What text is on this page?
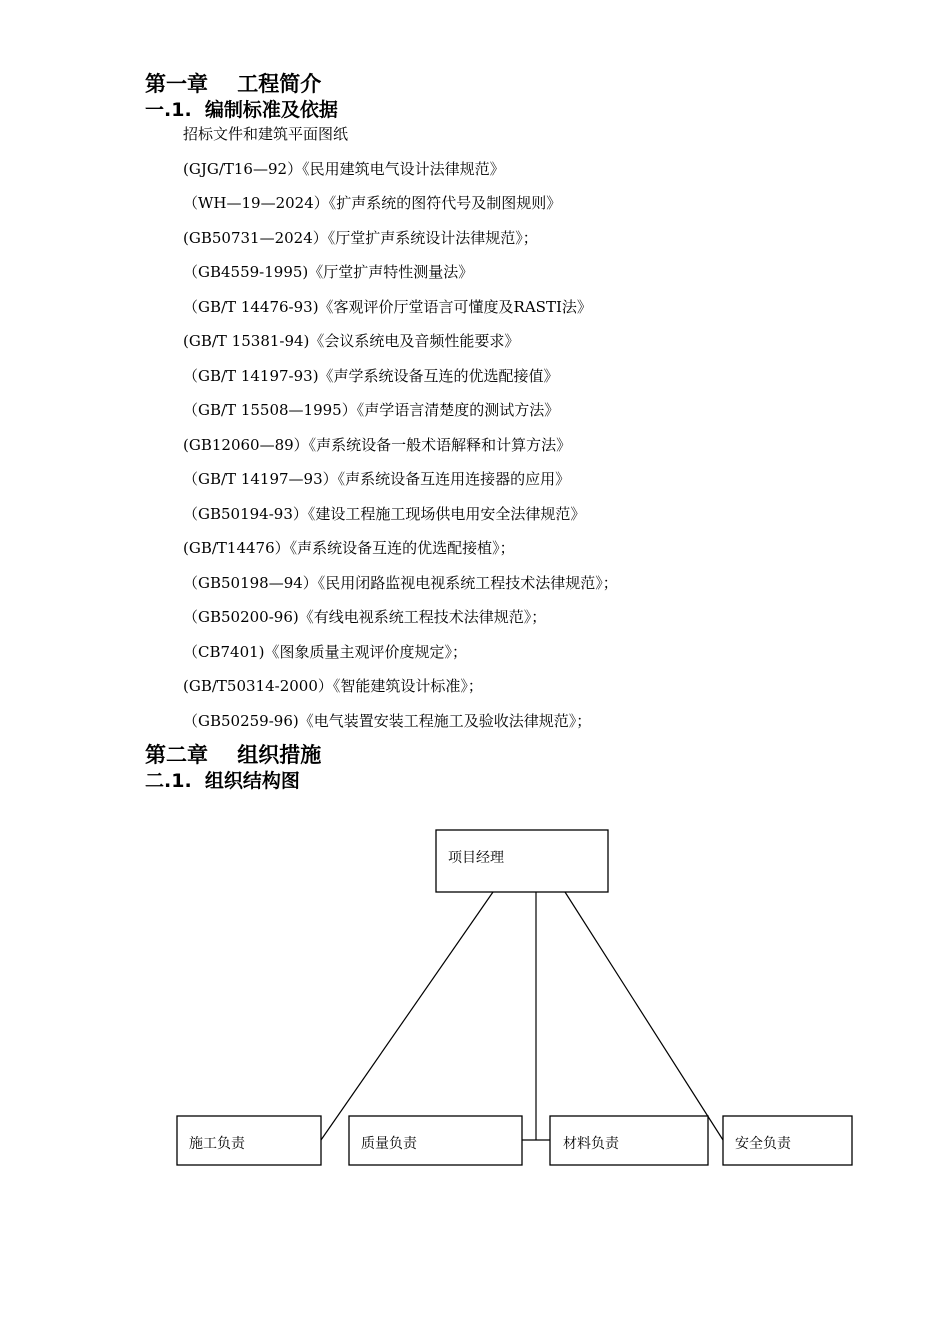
第一章    工程简介
一.1.  编制标准及依据
招标文件和建筑平面图纸
(GJG/T16—92）《民用建筑电气设计法律规范》
（WH—19—2024）《扩声系统的图符代号及制图规则》
(GB50731—2024）《厅堂扩声系统设计法律规范》；
（GB4559-1995)《厅堂扩声特性测量法》
（GB/T 14476-93)《客观评价厅堂语言可懂度及RASTI法》
(GB/T 15381-94)《会议系统电及音频性能要求》
（GB/T 14197-93)《声学系统设备互连的优选配接值》
（GB/T 15508—1995）《声学语言清楚度的测试方法》
(GB12060—89）《声系统设备一般术语解释和计算方法》
（GB/T 14197—93）《声系统设备互连用连接器的应用》
（GB50194-93）《建设工程施工现场供电用安全法律规范》
(GB/T14476）《声系统设备互连的优选配接植》；
（GB50198—94）《民用闭路监视电视系统工程技术法律规范》；
（GB50200-96)《有线电视系统工程技术法律规范》；
（CB7401)《图象质量主观评价度规定》；
(GB/T50314-2000）《智能建筑设计标准》；
（GB50259-96)《电气装置安装工程施工及验收法律规范》；
第二章    组织措施
二.1.  组织结构图
项目经理
施工负责	质量负责	材料负责	安全负责
